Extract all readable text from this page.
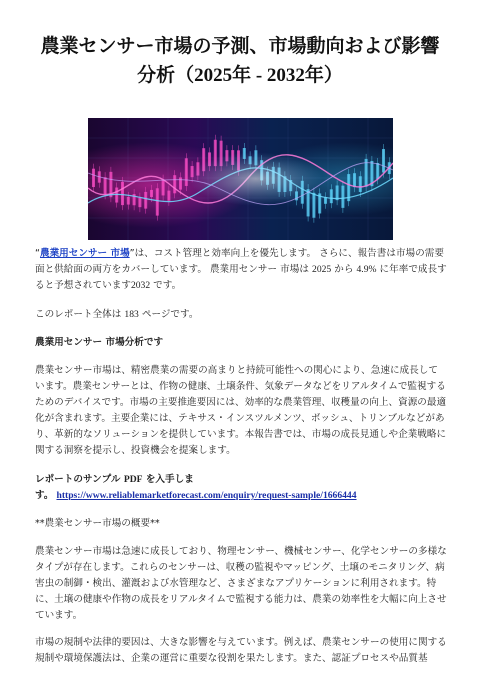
農業センサー市場の予測、市場動向および影響
分析（2025年 - 2032年）

“農業用センサー 市場”は、コスト管理と効率向上を優先します。 さらに、報告書は市場の需要面と供給面の両方をカバーしています。 農業用センサー 市場は 2025 から 4.9% に年率で成長すると予想されています2032 です。

このレポート全体は 183 ページです。

農業用センサー 市場分析です

農業センサー市場は、精密農業の需要の高まりと持続可能性への関心により、急速に成長しています。農業センサーとは、作物の健康、土壌条件、気象データなどをリアルタイムで監視するためのデバイスです。市場の主要推進要因には、効率的な農業管理、収穫量の向上、資源の最適化が含まれます。主要企業には、テキサス・インスツルメンツ、ボッシュ、トリンブルなどがあり、革新的なソリューションを提供しています。本報告書では、市場の成長見通しや企業戦略に関する洞察を提示し、投資機会を提案します。

レポートのサンプル PDF を入手しま

す。 https://www.reliablemarketforecast.com/enquiry/request-sample/1666444

**農業センサー市場の概要**

農業センサー市場は急速に成長しており、物理センサー、機械センサー、化学センサーの多様なタイプが存在します。これらのセンサーは、収穫の監視やマッピング、土壌のモニタリング、病害虫の制御・検出、灌漑および水管理など、さまざまなアプリケーションに利用されます。特に、土壌の健康や作物の成長をリアルタイムで監視する能力は、農業の効率性を大幅に向上させています。

市場の規制や法律的要因は、大きな影響を与えています。例えば、農業センサーの使用に関する規制や環境保護法は、企業の運営に重要な役割を果たします。また、認証プロセスや品質基
